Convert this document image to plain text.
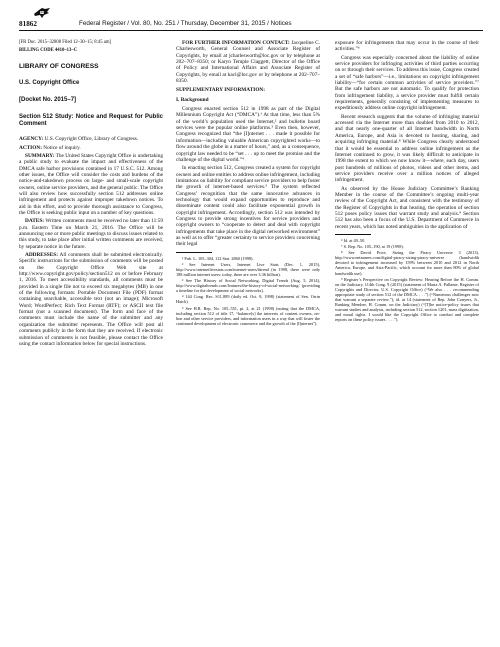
GPO
81862	Federal Register / Vol. 80, No. 251 / Thursday, December 31, 2015 / Notices

[FR Doc. 2015–32808 Filed 12–30–15; 8:45 am]

BILLING CODE 4410–13–C

LIBRARY OF CONGRESS

U.S. Copyright Office

[Docket No. 2015–7]

Section 512 Study: Notice and Request for Public Comment

AGENCY: U.S. Copyright Office, Library of Congress.

ACTION: Notice of inquiry.

SUMMARY: The United States Copyright Office is undertaking a public study to evaluate the impact and effectiveness of the DMCA safe harbor provisions contained in 17 U.S.C. 512. Among other issues, the Office will consider the costs and burdens of the notice-and-takedown process on large- and small-scale copyright owners, online service providers, and the general public. The Office will also review how successfully section 512 addresses online infringement and protects against improper takedown notices. To aid in this effort, and to provide thorough assistance to Congress, the Office is seeking public input on a number of key questions.

DATES: Written comments must be received no later than 11:59 p.m. Eastern Time on March 21, 2016. The Office will be announcing one or more public meetings to discuss issues related to this study, to take place after initial written comments are received, by separate notice in the future.

ADDRESSES: All comments shall be submitted electronically. Specific instructions for the submission of comments will be posted on the Copyright Office Web site at http://www.copyright.gov/policy/section512 on or before February 1, 2016. To meet accessibility standards, all comments must be provided in a single file not to exceed six megabytes (MB) in one of the following formats: Portable Document File (PDF) format containing searchable, accessible text (not an image); Microsoft Word; WordPerfect; Rich Text Format (RTF); or ASCII text file format (not a scanned document). The form and face of the comments must include the name of the submitter and any organization the submitter represents. The Office will post all comments publicly in the form that they are received. If electronic submission of comments is not feasible, please contact the Office using the contact information below for special instructions.

FOR FURTHER INFORMATION CONTACT: Jacqueline C. Charlesworth, General Counsel and Associate Register of Copyrights, by email at jcharlesworth@loc.gov or by telephone at 202–707–8350; or Karyn Temple Claggett, Director of the Office of Policy and International Affairs and Associate Register of Copyrights, by email at kacl@loc.gov or by telephone at 202–707–8350.

SUPPLEMENTARY INFORMATION:

I. Background

Congress enacted section 512 in 1998 as part of the Digital Millennium Copyright Act (“DMCA”).¹ At that time, less than 5% of the world’s population used the Internet,² and bulletin board services were the popular online platforms.³ Even then, however, Congress recognized that “the [I]nternet . . . made it possible for information—including valuable American copyrighted works—to flow around the globe in a matter of hours,” and, as a consequence, copyright law needed to be “set . . . up to meet the promise and the challenge of the digital world.”⁴

In enacting section 512, Congress created a system for copyright owners and online entities to address online infringement, including limitations on liability for compliant service providers to help foster the growth of internet-based services.⁵ The system reflected Congress’ recognition that the same innovative advances in technology that would expand opportunities to reproduce and disseminate content could also facilitate exponential growth in copyright infringement. Accordingly, section 512 was intended by Congress to provide strong incentives for service providers and copyright owners to “cooperate to detect and deal with copyright infringements that take place in the digital networked environment” as well as to offer “greater certainty to service providers concerning their legal

¹ Pub. L. 105–304, 112 Stat. 2860 (1998).

² See Internet Users, Internet Live Stats (Dec. 1, 2015), http://www.internetlivestats.com/internet-users/#trend (in 1998, there were only 188 million internet users; today, there are over 3.36 billion).

³ See The History of Social Networking, Digital Trends (Aug. 5, 2014), http://www.digitaltrends.com/features/the-history-of-social-networking/ (providing a timeline for the development of social networks).

⁴ 144 Cong. Rec. S11,889 (daily ed. Oct. 8, 1998) (statement of Sen. Orrin Hatch).

⁵ See H.R. Rep. No. 105–551, pt. 2, at 21 (1998) (noting that the DMCA, including section 512 of title 17, “balance[s] the interests of content owners, on-line and other service providers, and information users in a way that will foster the continued development of electronic commerce and the growth of the [I]nternet”).

exposure for infringements that may occur in the course of their activities.”⁶

Congress was especially concerned about the liability of online service providers for infringing activities of third parties occurring on or through their services. To address this issue, Congress created a set of “safe harbors”—i.e., limitations on copyright infringement liability—“for certain common activities of service providers.”⁷ But the safe harbors are not automatic. To qualify for protection from infringement liability, a service provider must fulfill certain requirements, generally consisting of implementing measures to expeditiously address online copyright infringement.

Recent research suggests that the volume of infringing material accessed via the Internet more than doubled from 2010 to 2012, and that nearly one-quarter of all Internet bandwidth in North America, Europe, and Asia is devoted to hosting, sharing, and acquiring infringing material.⁸ While Congress clearly understood that it would be essential to address online infringement as the Internet continued to grow, it was likely difficult to anticipate in 1998 the extent to which we now know it—where, each day, users post hundreds of millions of photos, videos and other items, and service providers receive over a million notices of alleged infringement.

As observed by the House Judiciary Committee’s Ranking Member in the course of the Committee’s ongoing multi-year review of the Copyright Act, and consistent with the testimony of the Register of Copyrights in that hearing, the operation of section 512 poses policy issues that warrant study and analysis.⁹ Section 512 has also been a focus of the U.S. Department of Commerce in recent years, which has noted ambiguities in the application of

⁶ Id. at 49–50.

⁷ S. Rep. No. 105–190, at 19 (1998).

⁸ See David Price, Sizing the Piracy Universe 3 (2013), http://www.netnames.com/digital-piracy-sizing-piracy-universe (bandwidth devoted to infringement increased by 159% between 2010 and 2012 in North America, Europe, and Asia-Pacific, which account for more than 80% of global bandwidth use).

⁹ Register’s Perspective on Copyright Review: Hearing Before the H. Comm. on the Judiciary, 114th Cong. 9 (2015) (statement of Maria A. Pallante, Register of Copyrights and Director, U.S. Copyright Office) (“We also . . . recommending appropriate study of section 512 of the DMCA. . . .”) (“Numerous challenges now that warrant a separate review.”); id. at 14 (statement of Rep. John Conyers, Jr., Ranking Member, H. Comm. on the Judiciary) (“[T]he notice-policy issues that warrant studies and analysis, including section 512, section 1201, mass digitization, and moral rights. I would like the Copyright Office to conduct and complete reports on these policy issues . . . .”).
